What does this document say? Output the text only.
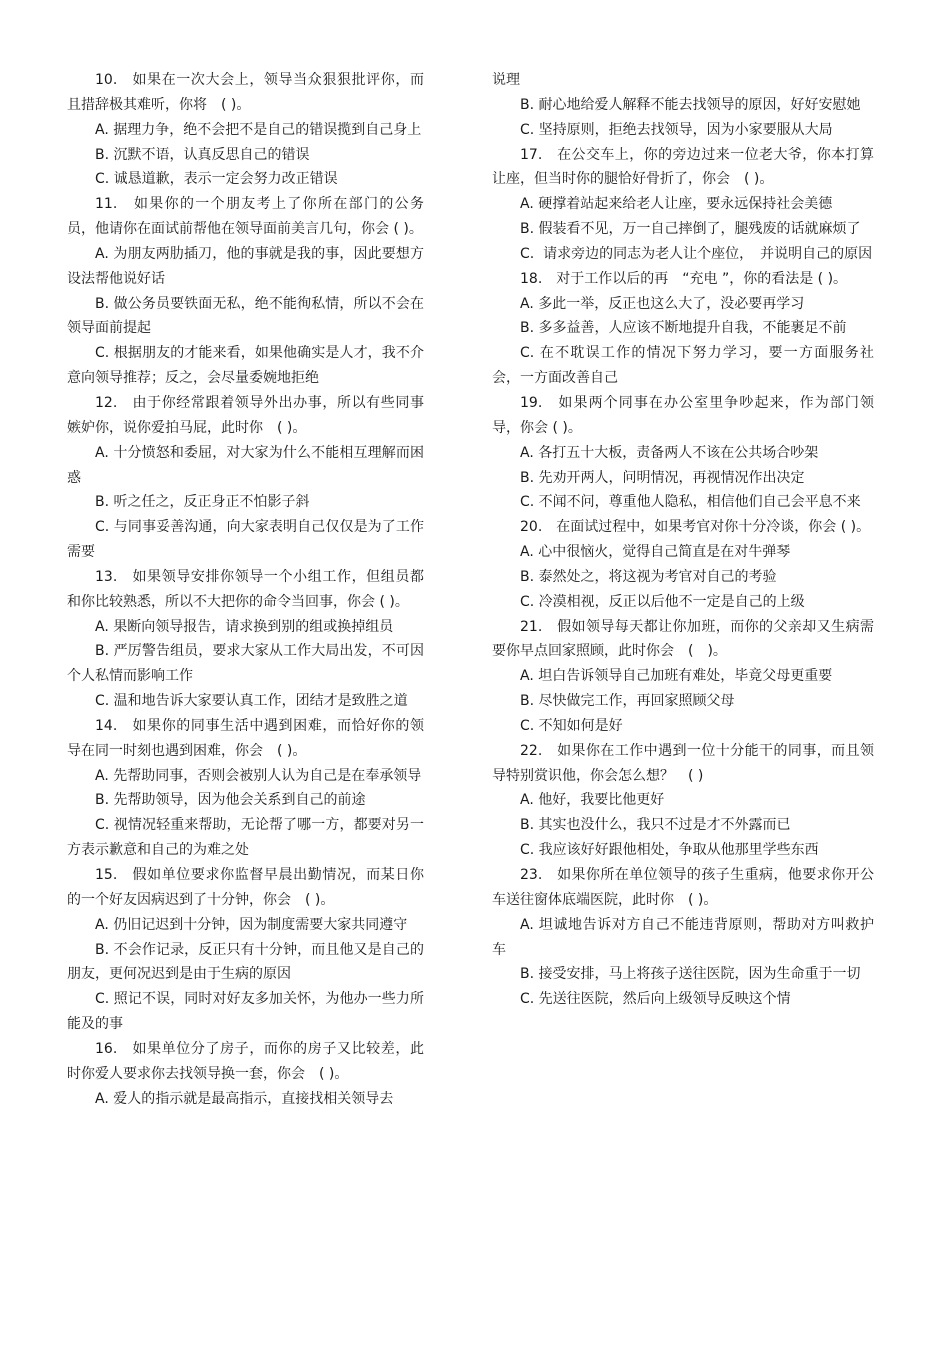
10.　如果在一次大会上，领导当众狠狠批评你，而且措辞极其难听，你将　( )。

A. 据理力争，绝不会把不是自己的错误揽到自己身上

B. 沉默不语，认真反思自己的错误

C. 诚恳道歉，表示一定会努力改正错误

11.　如果你的一个朋友考上了你所在部门的公务员，他请你在面试前帮他在领导面前美言几句，你会 ( )。

A. 为朋友两肋插刀，他的事就是我的事，因此要想方设法帮他说好话

B. 做公务员要铁面无私，绝不能徇私情，所以不会在领导面前提起

C. 根据朋友的才能来看，如果他确实是人才，我不介意向领导推荐；反之，会尽量委婉地拒绝

12.　由于你经常跟着领导外出办事，所以有些同事嫉妒你，说你爱拍马屁，此时你　( )。

A. 十分愤怒和委屈，对大家为什么不能相互理解而困惑

B. 听之任之，反正身正不怕影子斜

C. 与同事妥善沟通，向大家表明自己仅仅是为了工作需要

13.　如果领导安排你领导一个小组工作，但组员都和你比较熟悉，所以不大把你的命令当回事，你会 ( )。

A. 果断向领导报告，请求换到别的组或换掉组员

B. 严厉警告组员，要求大家从工作大局出发，不可因个人私情而影响工作

C. 温和地告诉大家要认真工作，团结才是致胜之道

14.　如果你的同事生活中遇到困难，而恰好你的领导在同一时刻也遇到困难，你会　( )。

A. 先帮助同事，否则会被别人认为自己是在奉承领导

B. 先帮助领导，因为他会关系到自己的前途

C. 视情况轻重来帮助，无论帮了哪一方，都要对另一方表示歉意和自己的为难之处

15.　假如单位要求你监督早晨出勤情况，而某日你的一个好友因病迟到了十分钟，你会　( )。

A. 仍旧记迟到十分钟，因为制度需要大家共同遵守

B. 不会作记录，反正只有十分钟，而且他又是自己的朋友，更何况迟到是由于生病的原因

C. 照记不误，同时对好友多加关怀，为他办一些力所能及的事

16.　如果单位分了房子，而你的房子又比较差，此时你爱人要求你去找领导换一套，你会　( )。

A. 爱人的指示就是最高指示，直接找相关领导去

说理

B. 耐心地给爱人解释不能去找领导的原因，好好安慰她

C. 坚持原则，拒绝去找领导，因为小家要服从大局

17.　在公交车上，你的旁边过来一位老大爷，你本打算让座，但当时你的腿恰好骨折了，你会　( )。

A. 硬撑着站起来给老人让座，要永远保持社会美德

B. 假装看不见，万一自己摔倒了，腿残废的话就麻烦了

C.  请求旁边的同志为老人让个座位，　并说明自己的原因

18.　对于工作以后的再　“充电 ”，你的看法是 ( )。

A. 多此一举，反正也这么大了，没必要再学习

B. 多多益善，人应该不断地提升自我，不能裹足不前

C. 在不耽误工作的情况下努力学习，要一方面服务社会，一方面改善自己

19.　如果两个同事在办公室里争吵起来，作为部门领导，你会 ( )。

A. 各打五十大板，责备两人不该在公共场合吵架

B. 先劝开两人，问明情况，再视情况作出决定

C. 不闻不问，尊重他人隐私，相信他们自己会平息不来

20.　在面试过程中，如果考官对你十分冷谈，你会 ( )。

A. 心中很恼火，觉得自己简直是在对牛弹琴

B. 泰然处之，将这视为考官对自己的考验

C. 冷漠相视，反正以后他不一定是自己的上级

21.　假如领导每天都让你加班，而你的父亲却又生病需要你早点回家照顾，此时你会　(　)。

A. 坦白告诉领导自己加班有难处，毕竟父母更重要

B. 尽快做完工作，再回家照顾父母

C. 不知如何是好

22.　如果你在工作中遇到一位十分能干的同事，而且领导特别赏识他，你会怎么想？　( )

A. 他好，我要比他更好

B. 其实也没什么，我只不过是才不外露而已

C. 我应该好好跟他相处，争取从他那里学些东西

23.　如果你所在单位领导的孩子生重病，他要求你开公车送往窗体底端医院，此时你　( )。

A. 坦诚地告诉对方自己不能违背原则，帮助对方叫救护车

B. 接受安排，马上将孩子送往医院，因为生命重于一切

C. 先送往医院，然后向上级领导反映这个情
